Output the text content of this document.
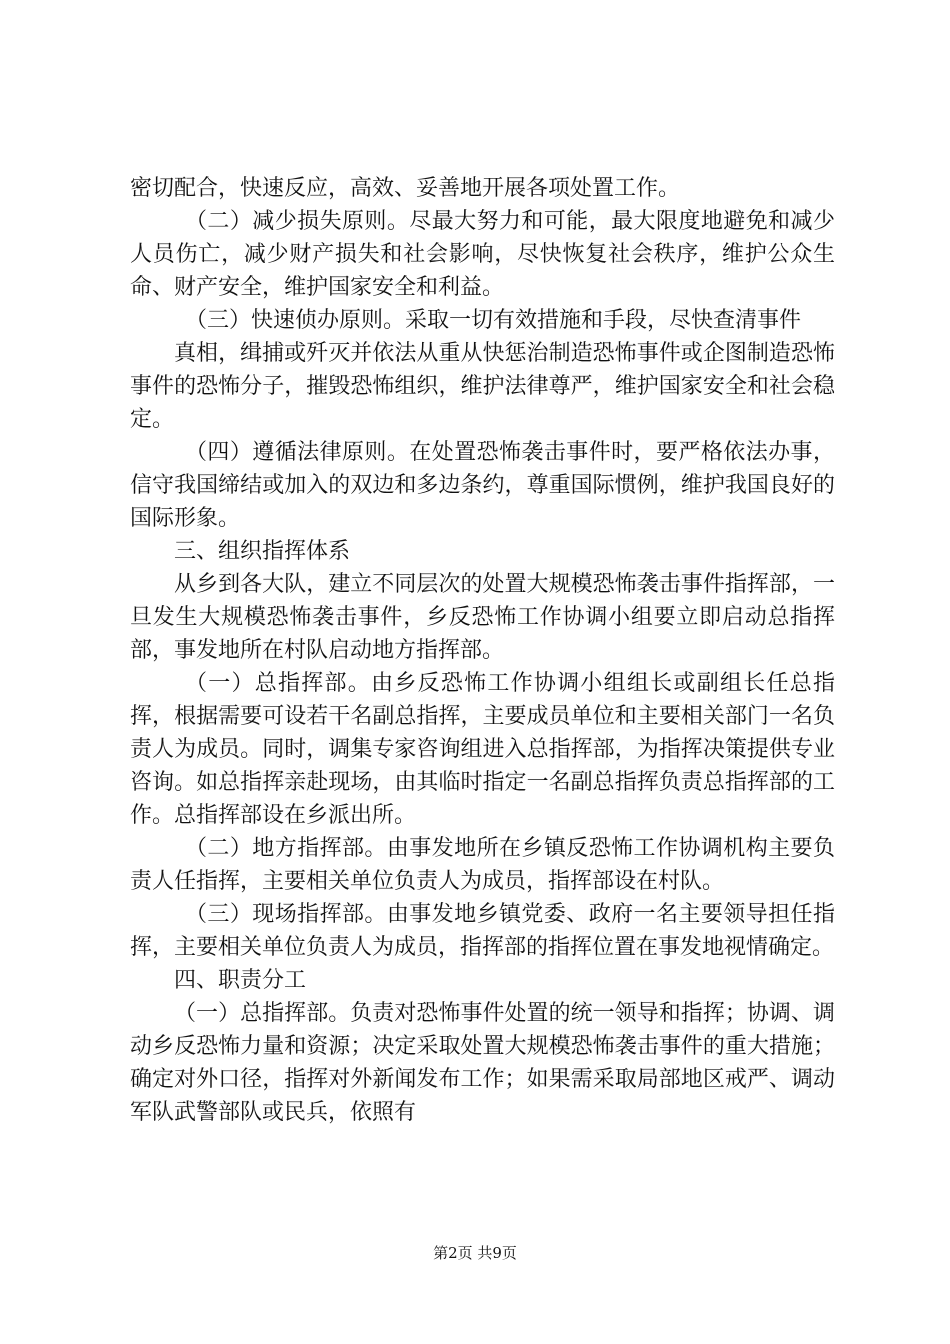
密切配合，快速反应，高效、妥善地开展各项处置工作。

（二）减少损失原则。尽最大努力和可能，最大限度地避免和减少人员伤亡，减少财产损失和社会影响，尽快恢复社会秩序，维护公众生命、财产安全，维护国家安全和利益。

（三）快速侦办原则。采取一切有效措施和手段，尽快查清事件

真相，缉捕或歼灭并依法从重从快惩治制造恐怖事件或企图制造恐怖事件的恐怖分子，摧毁恐怖组织，维护法律尊严，维护国家安全和社会稳定。

（四）遵循法律原则。在处置恐怖袭击事件时，要严格依法办事，信守我国缔结或加入的双边和多边条约，尊重国际惯例，维护我国良好的国际形象。

三、组织指挥体系

从乡到各大队，建立不同层次的处置大规模恐怖袭击事件指挥部，一旦发生大规模恐怖袭击事件，乡反恐怖工作协调小组要立即启动总指挥部，事发地所在村队启动地方指挥部。

（一）总指挥部。由乡反恐怖工作协调小组组长或副组长任总指挥，根据需要可设若干名副总指挥，主要成员单位和主要相关部门一名负责人为成员。同时，调集专家咨询组进入总指挥部，为指挥决策提供专业咨询。如总指挥亲赴现场，由其临时指定一名副总指挥负责总指挥部的工作。总指挥部设在乡派出所。

（二）地方指挥部。由事发地所在乡镇反恐怖工作协调机构主要负责人任指挥，主要相关单位负责人为成员，指挥部设在村队。

（三）现场指挥部。由事发地乡镇党委、政府一名主要领导担任指挥，主要相关单位负责人为成员，指挥部的指挥位置在事发地视情确定。

四、职责分工

（一）总指挥部。负责对恐怖事件处置的统一领导和指挥；协调、调动乡反恐怖力量和资源；决定采取处置大规模恐怖袭击事件的重大措施；确定对外口径，指挥对外新闻发布工作；如果需采取局部地区戒严、调动军队武警部队或民兵，依照有

第2页 共9页
